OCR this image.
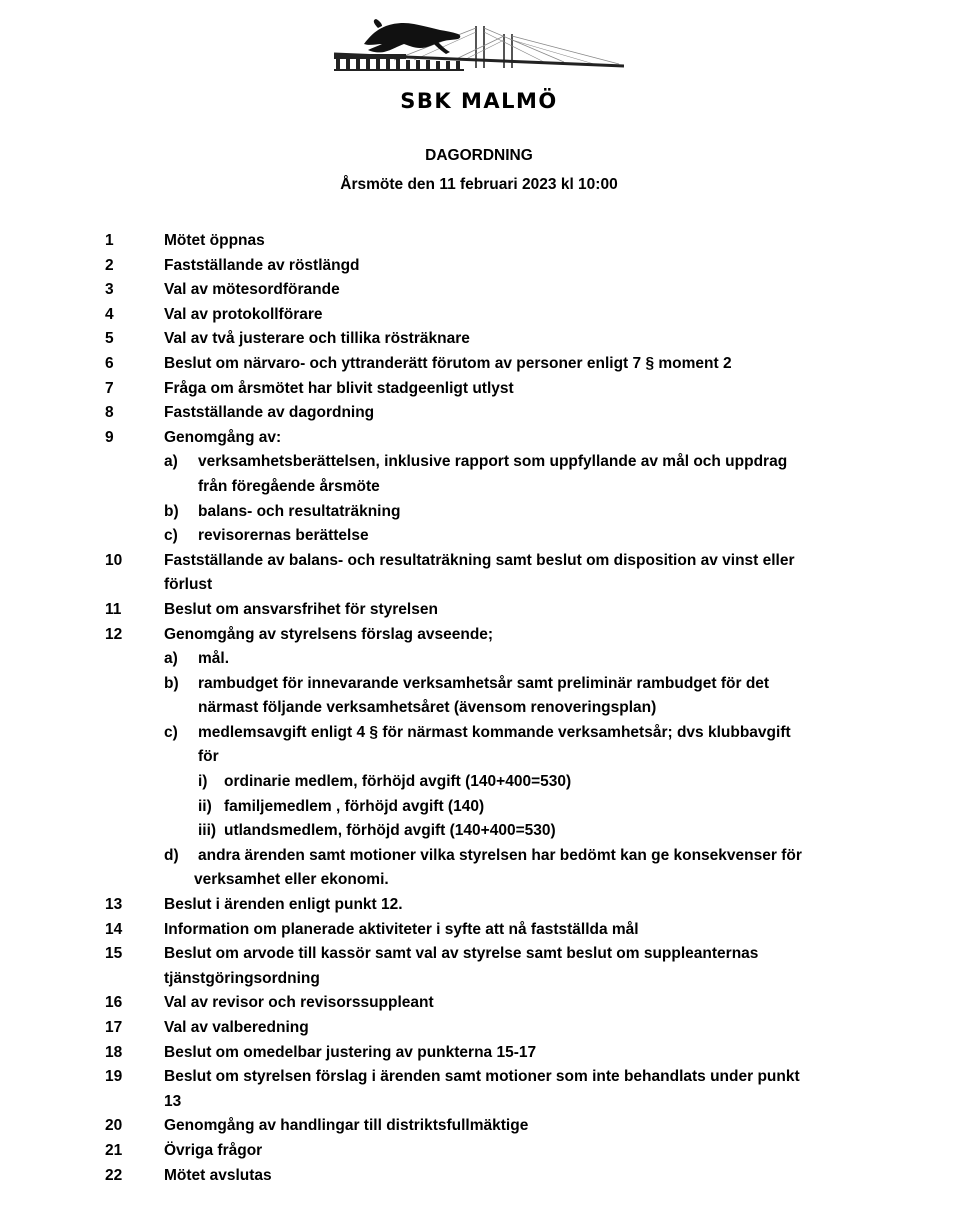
SBK MALMÖ
DAGORDNING
Årsmöte den 11 februari 2023 kl 10:00
1	Mötet öppnas
2	Fastställande av röstlängd
3	Val av mötesordförande
4	Val av protokollförare
5	Val av två justerare och tillika rösträknare
6	Beslut om närvaro- och yttranderätt förutom av personer enligt 7 § moment 2
7	Fråga om årsmötet har blivit stadgeenligt utlyst
8	Fastställande av dagordning
9	Genomgång av:
a) verksamhetsberättelsen, inklusive rapport som uppfyllande av mål och uppdrag
från föregående årsmöte
b) balans- och resultaträkning
c) revisorernas berättelse
10	Fastställande av balans- och resultaträkning samt beslut om disposition av vinst eller
förlust
11	Beslut om ansvarsfrihet för styrelsen
12	Genomgång av styrelsens förslag avseende;
a) mål.
b) rambudget för innevarande verksamhetsår samt preliminär rambudget för det
närmast följande verksamhetsåret (ävensom renoveringsplan)
c) medlemsavgift enligt 4 § för närmast kommande verksamhetsår; dvs klubbavgift
för
i) ordinarie medlem, förhöjd avgift (140+400=530)
ii) familjemedlem , förhöjd avgift (140)
iii) utlandsmedlem, förhöjd avgift (140+400=530)
d) andra ärenden samt motioner vilka styrelsen har bedömt kan ge konsekvenser för
verksamhet eller ekonomi.
13	Beslut i ärenden enligt punkt 12.
14	Information om planerade aktiviteter i syfte att nå fastställda mål
15	Beslut om arvode till kassör samt val av styrelse samt beslut om suppleanternas
tjänstgöringsordning
16	Val av revisor och revisorssuppleant
17	Val av valberedning
18	Beslut om omedelbar justering av punkterna 15-17
19	Beslut om styrelsen förslag i ärenden samt motioner som inte behandlats under punkt
13
20	Genomgång av handlingar till distriktsfullmäktige
21	Övriga frågor
22	Mötet avslutas
